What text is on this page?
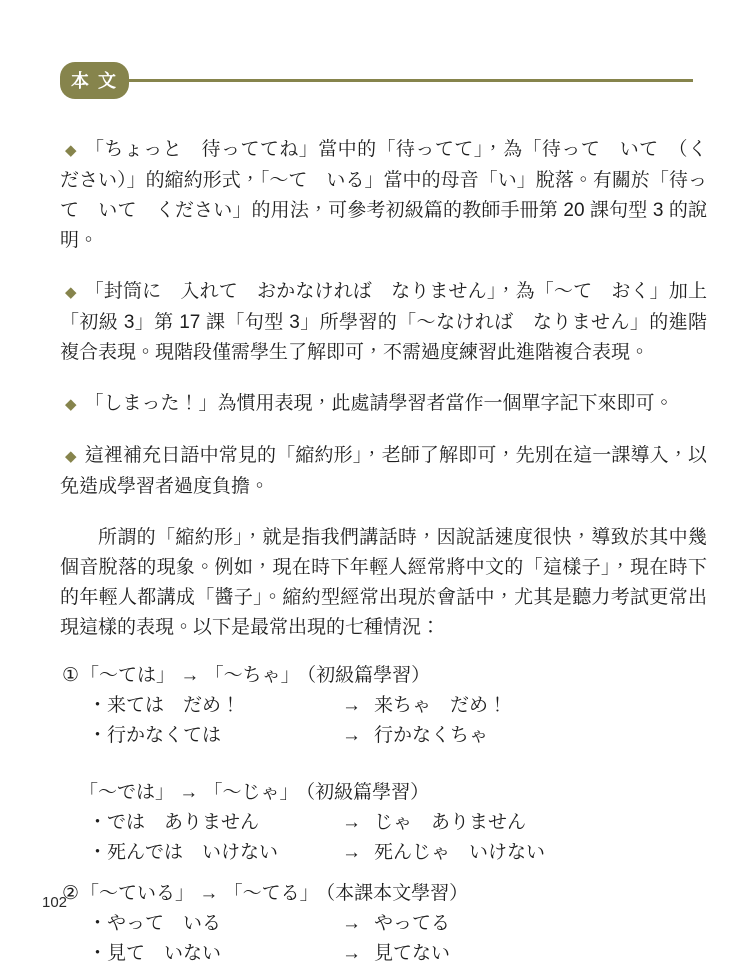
本 文

◆ 「ちょっと　待っててね」當中的「待ってて」，為「待って　いて　（ください）」的縮約形式，「～て　いる」當中的母音「い」脫落。有關於「待って　いて　ください」的用法，可參考初級篇的教師手冊第 20 課句型 3 的說明。

◆ 「封筒に　入れて　おかなければ　なりません」，為「～て　おく」加上「初級 3」第 17 課「句型 3」所學習的「～なければ　なりません」的進階複合表現。現階段僅需學生了解即可，不需過度練習此進階複合表現。

◆ 「しまった！」為慣用表現，此處請學習者當作一個單字記下來即可。

◆ 這裡補充日語中常見的「縮約形」，老師了解即可，先別在這一課導入，以免造成學習者過度負擔。

所謂的「縮約形」，就是指我們講話時，因說話速度很快，導致於其中幾個音脫落的現象。例如，現在時下年輕人經常將中文的「這樣子」，現在時下的年輕人都講成「醬子」。縮約型經常出現於會話中，尤其是聽力考試更常出現這樣的表現。以下是最常出現的七種情況：

①「～ては」 → 「～ちゃ」 （初級篇學習）
・来ては　だめ！	→ 来ちゃ　だめ！
・行かなくては	→ 行かなくちゃ
「～では」 → 「～じゃ」 （初級篇學習）
・では　ありません	→ じゃ　ありません
・死んでは　いけない	→ 死んじゃ　いけない
②「～ている」 → 「～てる」 （本課本文學習）
・やって　いる	→ やってる
・見て　いない	→ 見てない
102
